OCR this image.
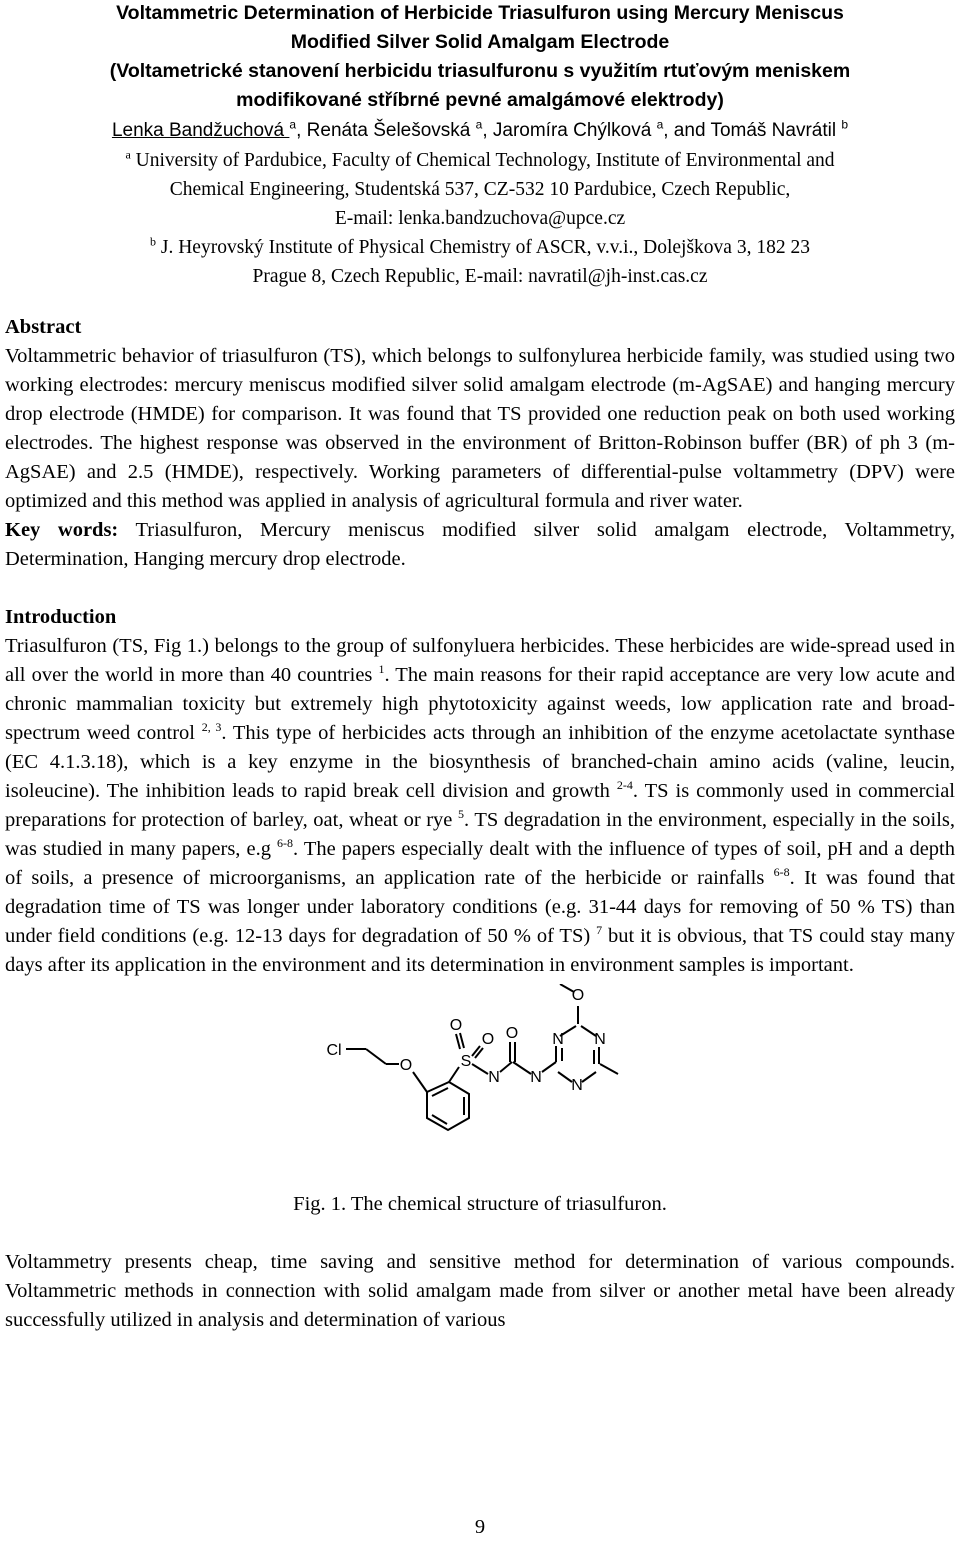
Voltammetric Determination of Herbicide Triasulfuron using Mercury Meniscus
Modified Silver Solid Amalgam Electrode
(Voltametrické stanovení herbicidu triasulfuronu s využitím rtuťovým meniskem
modifikované stříbrné pevné amalgámové elektrody)
Lenka Bandžuchová $^a$, Renáta Šelešovská $^a$, Jaromíra Chýlková $^a$, and Tomáš Navrátil $^b$
$^a$ University of Pardubice, Faculty of Chemical Technology, Institute of Environmental and
Chemical Engineering, Studentská 537, CZ-532 10 Pardubice, Czech Republic,
E-mail: lenka.bandzuchova@upce.cz
$^b$ J. Heyrovský Institute of Physical Chemistry of ASCR, v.v.i., Dolejškova 3, 182 23
Prague 8, Czech Republic, E-mail: navratil@jh-inst.cas.cz
Abstract
Voltammetric behavior of triasulfuron (TS), which belongs to sulfonylurea herbicide family, was studied using two working electrodes: mercury meniscus modified silver solid amalgam electrode (m-AgSAE) and hanging mercury drop electrode (HMDE) for comparison. It was found that TS provided one reduction peak on both used working electrodes. The highest response was observed in the environment of Britton-Robinson buffer (BR) of ph 3 (m-AgSAE) and 2.5 (HMDE), respectively. Working parameters of differential-pulse voltammetry (DPV) were optimized and this method was applied in analysis of agricultural formula and river water.
Key words: Triasulfuron, Mercury meniscus modified silver solid amalgam electrode, Voltammetry, Determination, Hanging mercury drop electrode.
Introduction
Triasulfuron (TS, Fig 1.) belongs to the group of sulfonyluera herbicides. These herbicides are wide-spread used in all over the world in more than 40 countries $^1$. The main reasons for their rapid acceptance are very low acute and chronic mammalian toxicity but extremely high phytotoxicity against weeds, low application rate and broad-spectrum weed control $^{2, 3}$. This type of herbicides acts through an inhibition of the enzyme acetolactate synthase (EC 4.1.3.18), which is a key enzyme in the biosynthesis of branched-chain amino acids (valine, leucin, isoleucine). The inhibition leads to rapid break cell division and growth $^{2-4}$. TS is commonly used in commercial preparations for protection of barley, oat, wheat or rye $^5$. TS degradation in the environment, especially in the soils, was studied in many papers, e.g $^{6-8}$. The papers especially dealt with the influence of types of soil, pH and a depth of soils, a presence of microorganisms, an application rate of the herbicide or rainfalls $^{6-8}$. It was found that degradation time of TS was longer under laboratory conditions (e.g. 31-44 days for removing of 50 % TS) than under field conditions (e.g. 12-13 days for degradation of 50 % of TS) $^7$ but it is obvious, that TS could stay many days after its application in the environment and its determination in environment samples is important.
Cl
O	S
O
O
N
O
N
O
N N
N
Fig. 1. The chemical structure of triasulfuron.
Voltammetry presents cheap, time saving and sensitive method for determination of various compounds. Voltammetric methods in connection with solid amalgam made from silver or another metal have been already successfully utilized in analysis and determination of various
9
